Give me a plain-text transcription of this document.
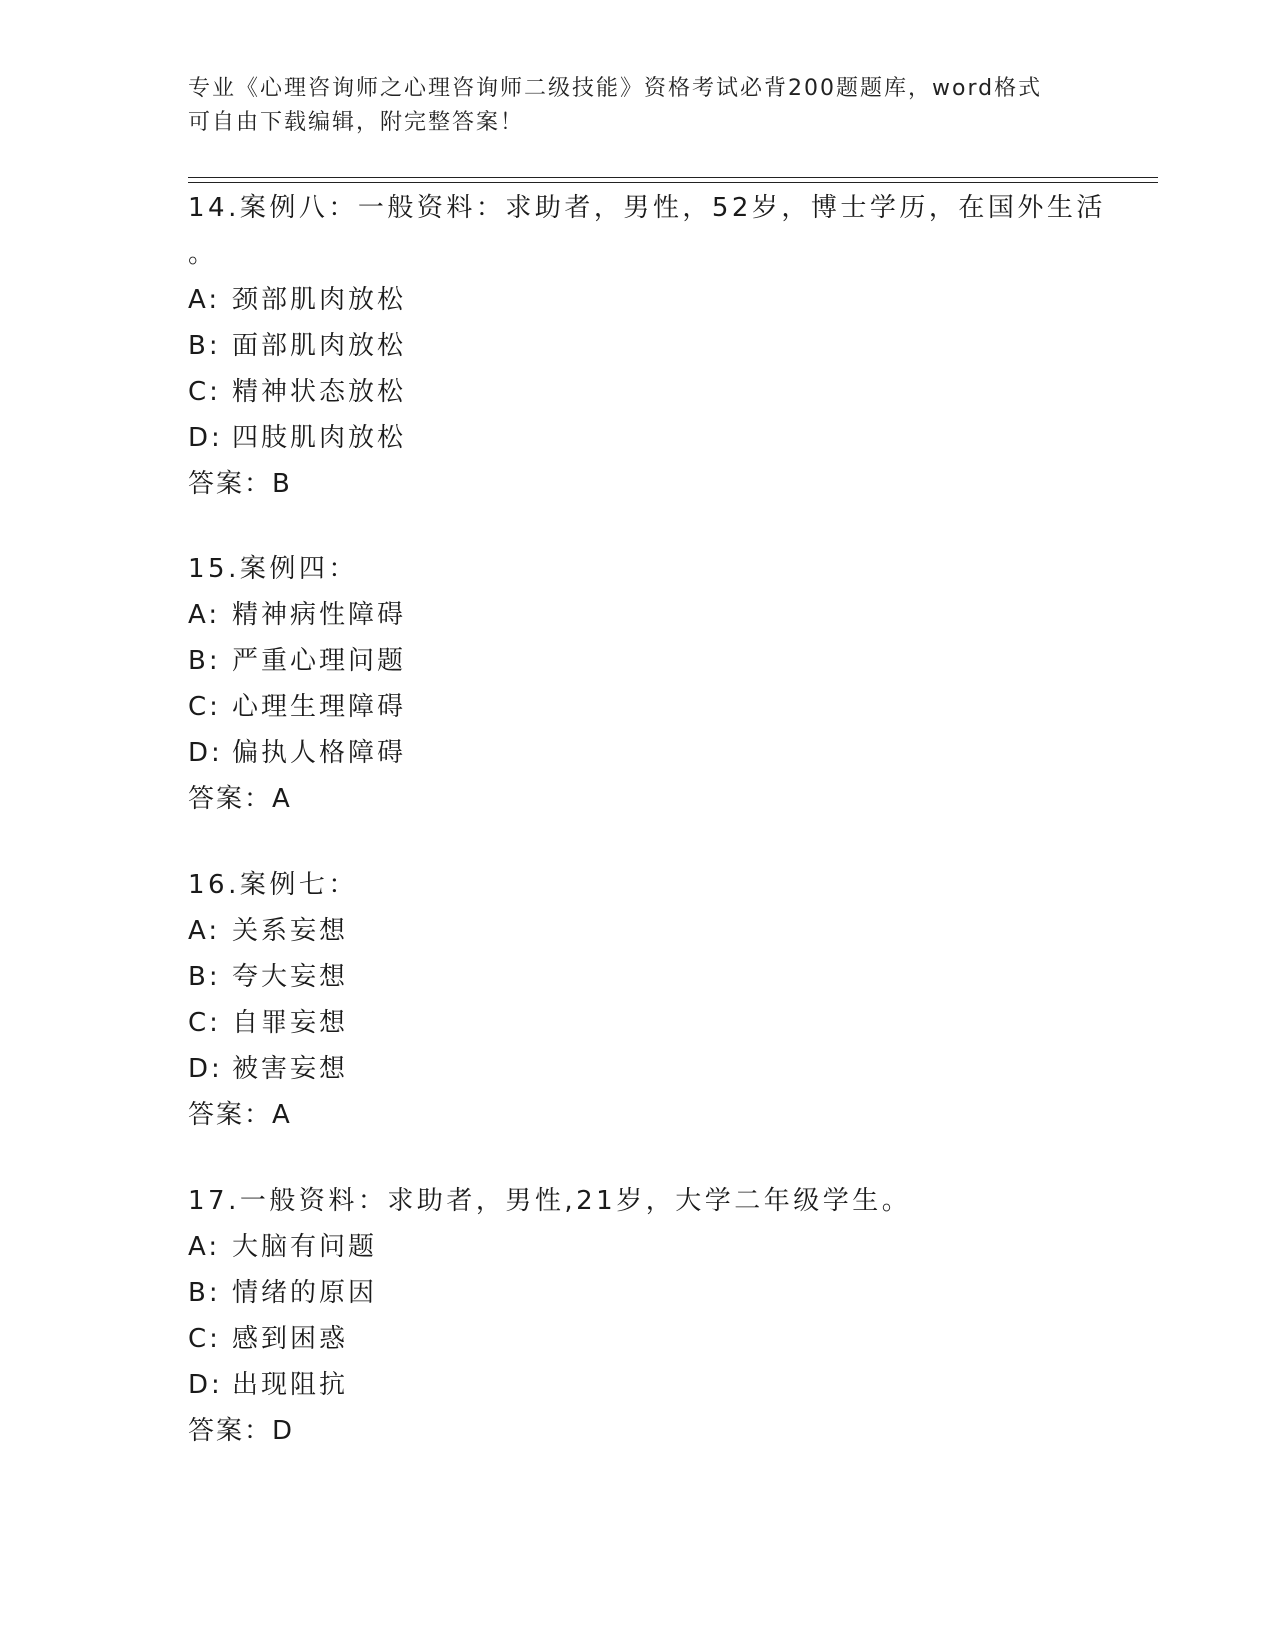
专业《心理咨询师之心理咨询师二级技能》资格考试必背200题题库，word格式
可自由下载编辑，附完整答案！
14.案例八：一般资料：求助者，男性，52岁，博士学历，在国外生活
。
A: 颈部肌肉放松
B: 面部肌肉放松
C: 精神状态放松
D: 四肢肌肉放松
答案：B
15.案例四：
A: 精神病性障碍
B: 严重心理问题
C: 心理生理障碍
D: 偏执人格障碍
答案：A
16.案例七：
A: 关系妄想
B: 夸大妄想
C: 自罪妄想
D: 被害妄想
答案：A
17.一般资料：求助者，男性,21岁，大学二年级学生。
A: 大脑有问题
B: 情绪的原因
C: 感到困惑
D: 出现阻抗
答案：D
